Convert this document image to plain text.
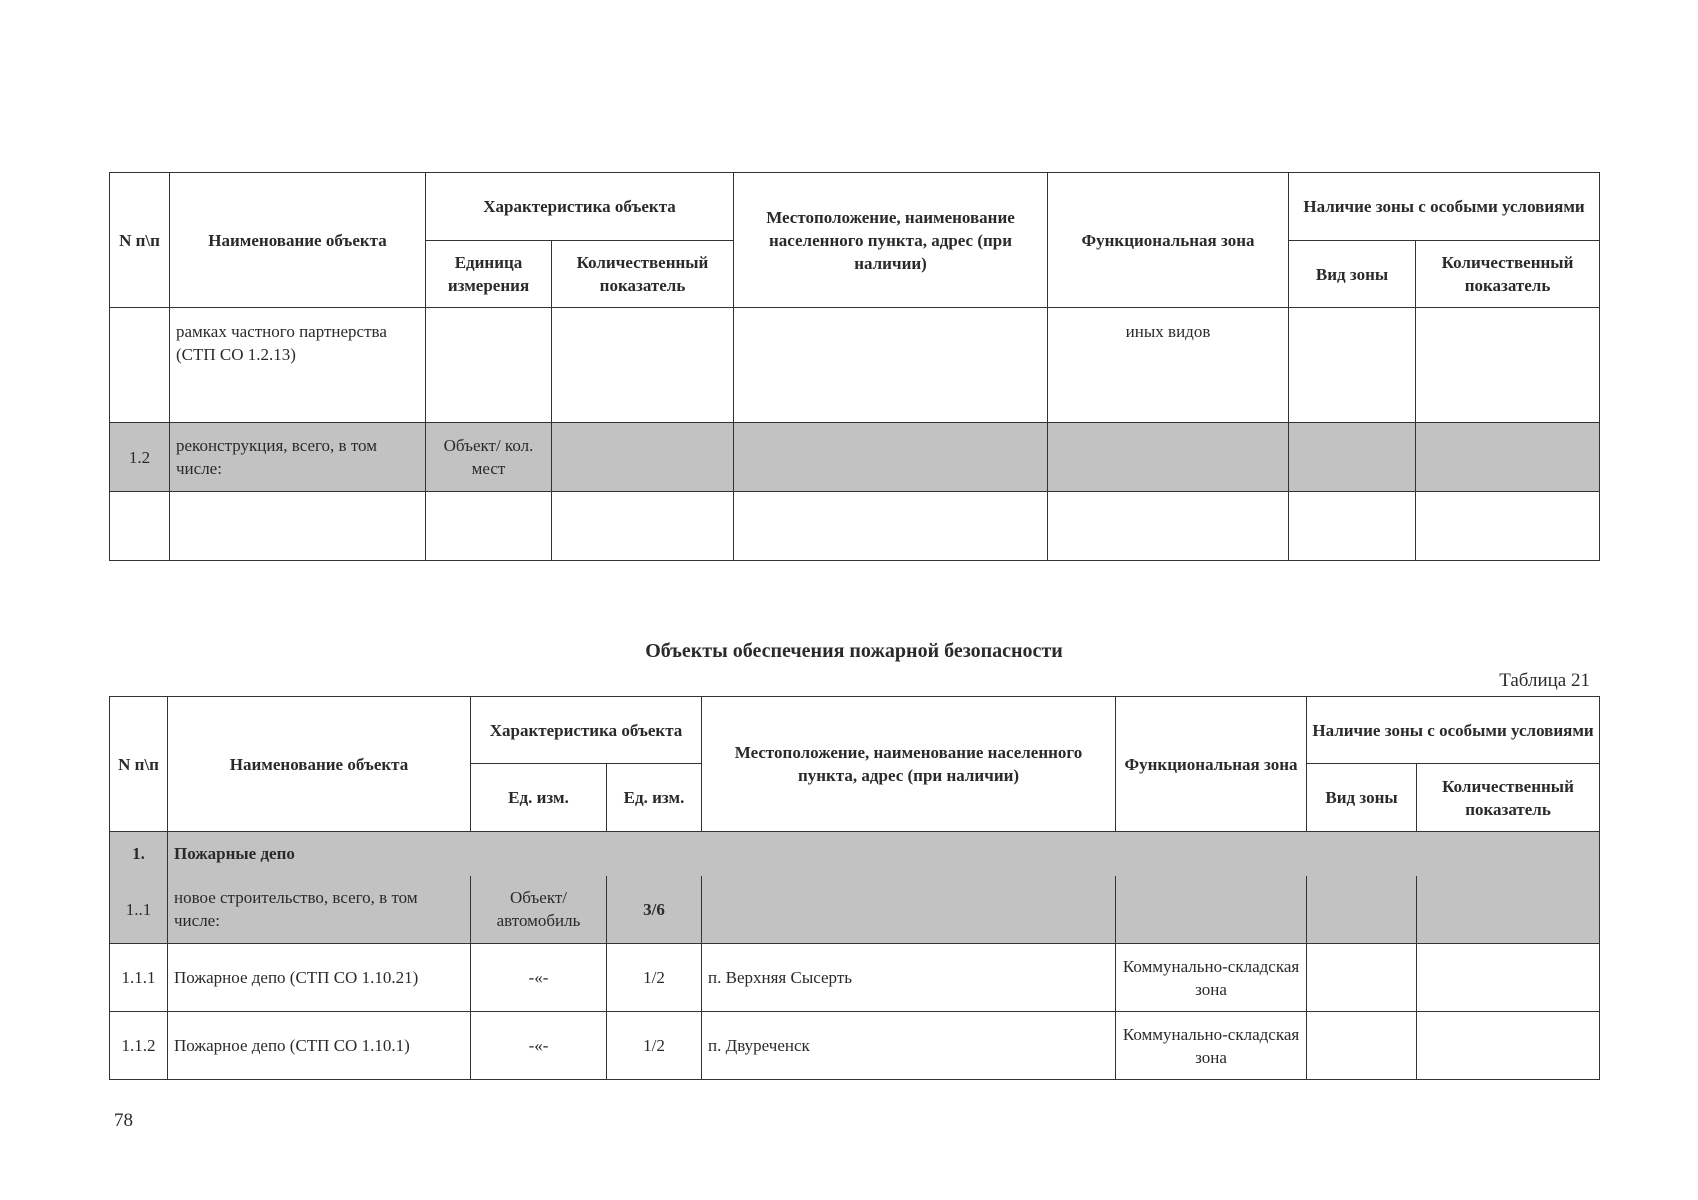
N п\п	Наименование объекта	Характеристика объекта		Местоположение, наименование населенного пункта, адрес (при наличии)	Функциональная зона	Наличие зоны с особыми условиями	
		Единица измерения	Количественный показатель			Вид зоны	Количественный показатель
	рамках частного партнерства (СТП СО 1.2.13)				иных видов		
1.2	реконструкция, всего, в том числе:	Объект/ кол. мест					

Объекты обеспечения пожарной безопасности
Таблица 21
N п\п	Наименование объекта	Характеристика объекта		Местоположение, наименование населенного пункта, адрес (при наличии)	Функциональная зона	Наличие зоны с особыми условиями	
		Ед. изм.	Ед. изм.			Вид зоны	Количественный показатель
1.	Пожарные депо						
1..1	новое строительство, всего, в том числе:	Объект/ автомобиль	3/6				
1.1.1	Пожарное депо (СТП СО 1.10.21)	-«-	1/2	п. Верхняя Сысерть	Коммунально-складская зона		
1.1.2	Пожарное депо (СТП СО 1.10.1)	-«-	1/2	п. Двуреченск	Коммунально-складская зона		
78
